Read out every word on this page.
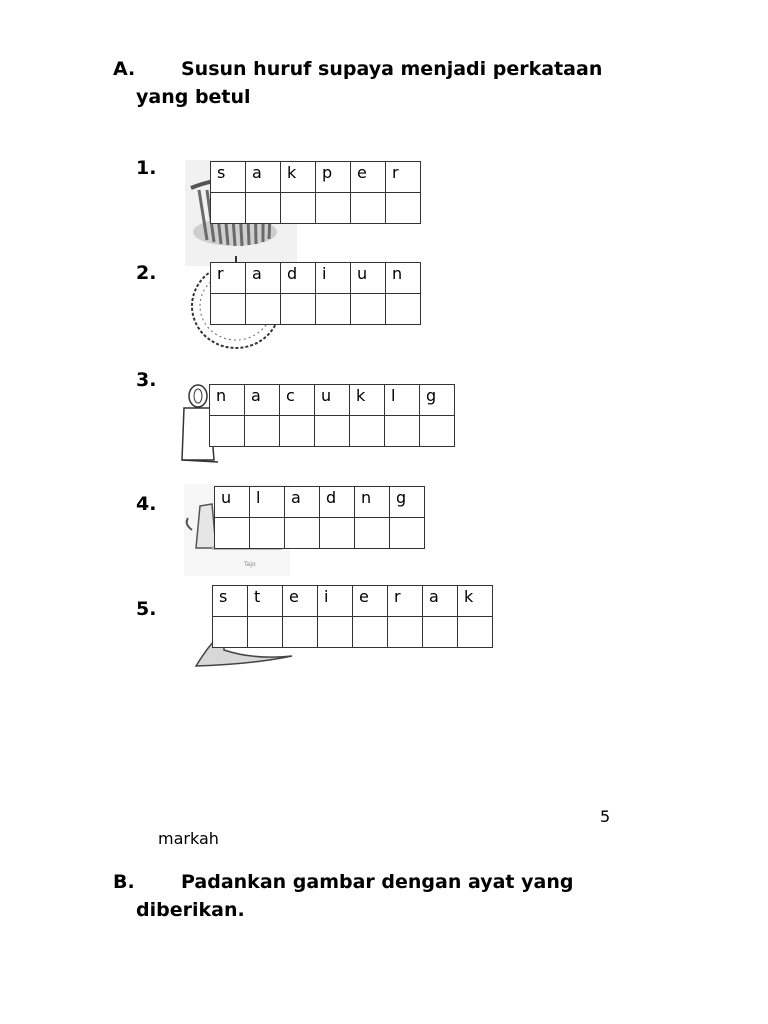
A. Susun huruf supaya menjadi perkataan
yang betul
1.	s	a	k	p	e	r

2.	r	a	d	i	u	n

3.
n	a	c	u	k	l	g

4.
Tajo
u	l	a	d	n	g

5.
s	t	e	i	e	r	a	k

5
markah
B. Padankan gambar dengan ayat yang
diberikan.
